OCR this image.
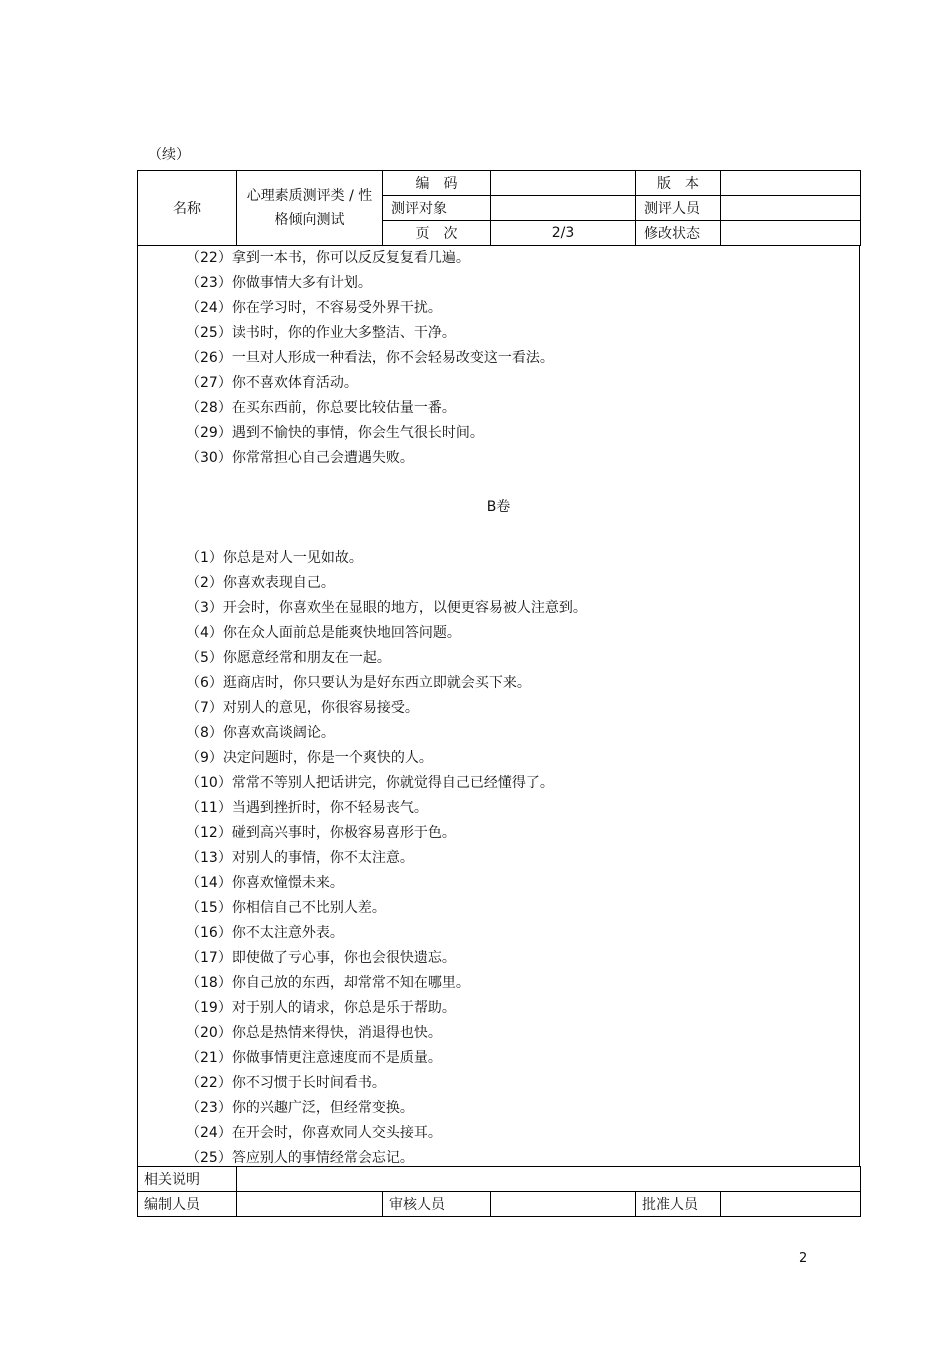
（续）
名称	心理素质测评类 / 性格倾向测试	编　码		版　本	
		测评对象		测评人员	
		页　次	2/3	修改状态	
（22）拿到一本书，你可以反反复复看几遍。
（23）你做事情大多有计划。
（24）你在学习时，不容易受外界干扰。
（25）读书时，你的作业大多整洁、干净。
（26）一旦对人形成一种看法，你不会轻易改变这一看法。
（27）你不喜欢体育活动。
（28）在买东西前，你总要比较估量一番。
（29）遇到不愉快的事情，你会生气很长时间。
（30）你常常担心自己会遭遇失败。
B卷
（1）你总是对人一见如故。
（2）你喜欢表现自己。
（3）开会时，你喜欢坐在显眼的地方，以便更容易被人注意到。
（4）你在众人面前总是能爽快地回答问题。
（5）你愿意经常和朋友在一起。
（6）逛商店时，你只要认为是好东西立即就会买下来。
（7）对别人的意见，你很容易接受。
（8）你喜欢高谈阔论。
（9）决定问题时，你是一个爽快的人。
（10）常常不等别人把话讲完，你就觉得自己已经懂得了。
（11）当遇到挫折时，你不轻易丧气。
（12）碰到高兴事时，你极容易喜形于色。
（13）对别人的事情，你不太注意。
（14）你喜欢憧憬未来。
（15）你相信自己不比别人差。
（16）你不太注意外表。
（17）即使做了亏心事，你也会很快遗忘。
（18）你自己放的东西，却常常不知在哪里。
（19）对于别人的请求，你总是乐于帮助。
（20）你总是热情来得快，消退得也快。
（21）你做事情更注意速度而不是质量。
（22）你不习惯于长时间看书。
（23）你的兴趣广泛，但经常变换。
（24）在开会时，你喜欢同人交头接耳。
（25）答应别人的事情经常会忘记。
相关说明					
编制人员		审核人员		批准人员	
2
